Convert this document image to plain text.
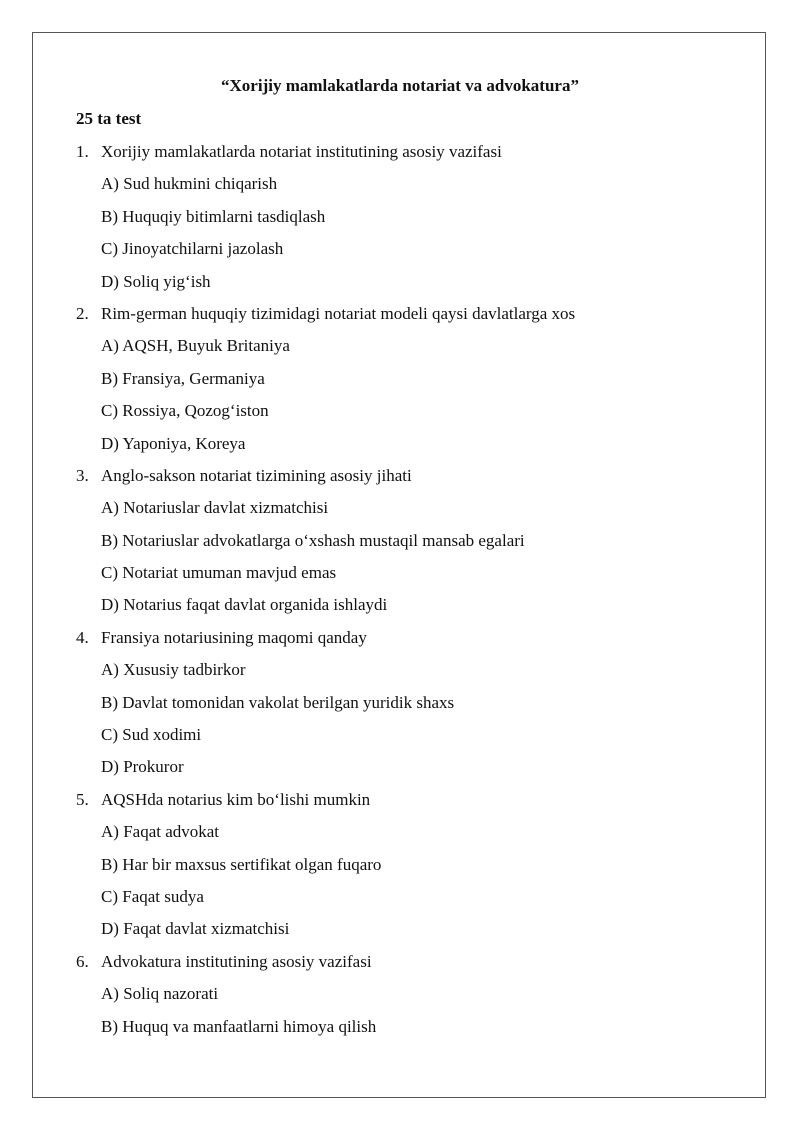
“Xorijiy mamlakatlarda notariat va advokatura”
25 ta test
1. Xorijiy mamlakatlarda notariat institutining asosiy vazifasi
A) Sud hukmini chiqarish
B) Huquqiy bitimlarni tasdiqlash
C) Jinoyatchilarni jazolash
D) Soliq yig‘ish
2. Rim-german huquqiy tizimidagi notariat modeli qaysi davlatlarga xos
A) AQSH, Buyuk Britaniya
B) Fransiya, Germaniya
C) Rossiya, Qozog‘iston
D) Yaponiya, Koreya
3. Anglo-sakson notariat tizimining asosiy jihati
A) Notariuslar davlat xizmatchisi
B) Notariuslar advokatlarga o‘xshash mustaqil mansab egalari
C) Notariat umuman mavjud emas
D) Notarius faqat davlat organida ishlaydi
4. Fransiya notariusining maqomi qanday
A) Xususiy tadbirkor
B) Davlat tomonidan vakolat berilgan yuridik shaxs
C) Sud xodimi
D) Prokuror
5. AQSHda notarius kim bo‘lishi mumkin
A) Faqat advokat
B) Har bir maxsus sertifikat olgan fuqaro
C) Faqat sudya
D) Faqat davlat xizmatchisi
6. Advokatura institutining asosiy vazifasi
A) Soliq nazorati
B) Huquq va manfaatlarni himoya qilish
